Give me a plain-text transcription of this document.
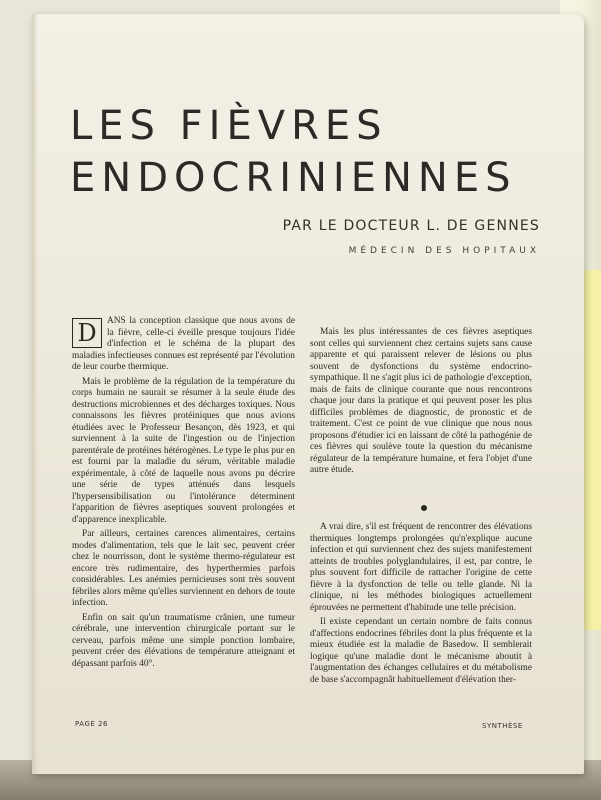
LES FIÈVRES
ENDOCRINIENNES
PAR LE DOCTEUR L. DE GENNES
MÉDECIN DES HOPITAUX
D	ANS la conception classique que nous avons de la fièvre, celle-ci éveille presque toujours l'idée d'infection et le schéma de la plupart des maladies infectieuses connues est représenté par l'évolution de leur courbe thermique.

Mais le problème de la régulation de la température du corps humain ne saurait se résumer à la seule étude des destructions microbiennes et des décharges toxiques. Nous connaissons les fièvres protéiniques que nous avions étudiées avec le Professeur Besançon, dès 1923, et qui surviennent à la suite de l'ingestion ou de l'injection parentérale de protéines hétérogènes. Le type le plus pur en est fourni par la maladie du sérum, véritable maladie expérimentale, à côté de laquelle nous avons pu décrire une série de types atténués dans lesquels l'hypersensibilisation ou l'intolérance déterminent l'apparition de fièvres aseptiques souvent prolongées et d'apparence inexplicable.

Par ailleurs, certaines carences alimentaires, certains modes d'alimentation, tels que le lait sec, peuvent créer chez le nourrisson, dont le système thermo-régulateur est encore très rudimentaire, des hyperthermies parfois considérables. Les anémies pernicieuses sont très souvent fébriles alors même qu'elles surviennent en dehors de toute infection.

Enfin on sait qu'un traumatisme crânien, une tumeur cérébrale, une intervention chirurgicale portant sur le cerveau, parfois même une simple ponction lombaire, peuvent créer des élévations de température atteignant et dépassant parfois 40°.

Mais les plus intéressantes de ces fièvres aseptiques sont celles qui surviennent chez certains sujets sans cause apparente et qui paraissent relever de lésions ou plus souvent de dysfonctions du système endocrino-sympathique. Il ne s'agit plus ici de pathologie d'exception, mais de faits de clinique courante que nous rencontrons chaque jour dans la pratique et qui peuvent poser les plus difficiles problèmes de diagnostic, de pronostic et de traitement. C'est ce point de vue clinique que nous nous proposons d'étudier ici en laissant de côté la pathogénie de ces fièvres qui soulève toute la question du mécanisme régulateur de la température humaine, et fera l'objet d'une autre étude.

A vrai dire, s'il est fréquent de rencontrer des élévations thermiques longtemps prolongées qu'n'explique aucune infection et qui surviennent chez des sujets manifestement atteints de troubles polyglandulaires, il est, par contre, le plus souvent fort difficile de rattacher l'origine de cette fièvre à la dysfonction de telle ou telle glande. Ni la clinique, ni les méthodes biologiques actuellement éprouvées ne permettent d'habitude une telle précision.

Il existe cependant un certain nombre de faits connus d'affections endocrines fébriles dont la plus fréquente et la mieux étudiée est la maladie de Basedow. Il semblerait logique qu'une maladie dont le mécanisme aboutit à l'augmentation des échanges cellulaires et du métabolisme de base s'accompagnât habituellement d'élévation ther-

PAGE 26	SYNTHÈSE
